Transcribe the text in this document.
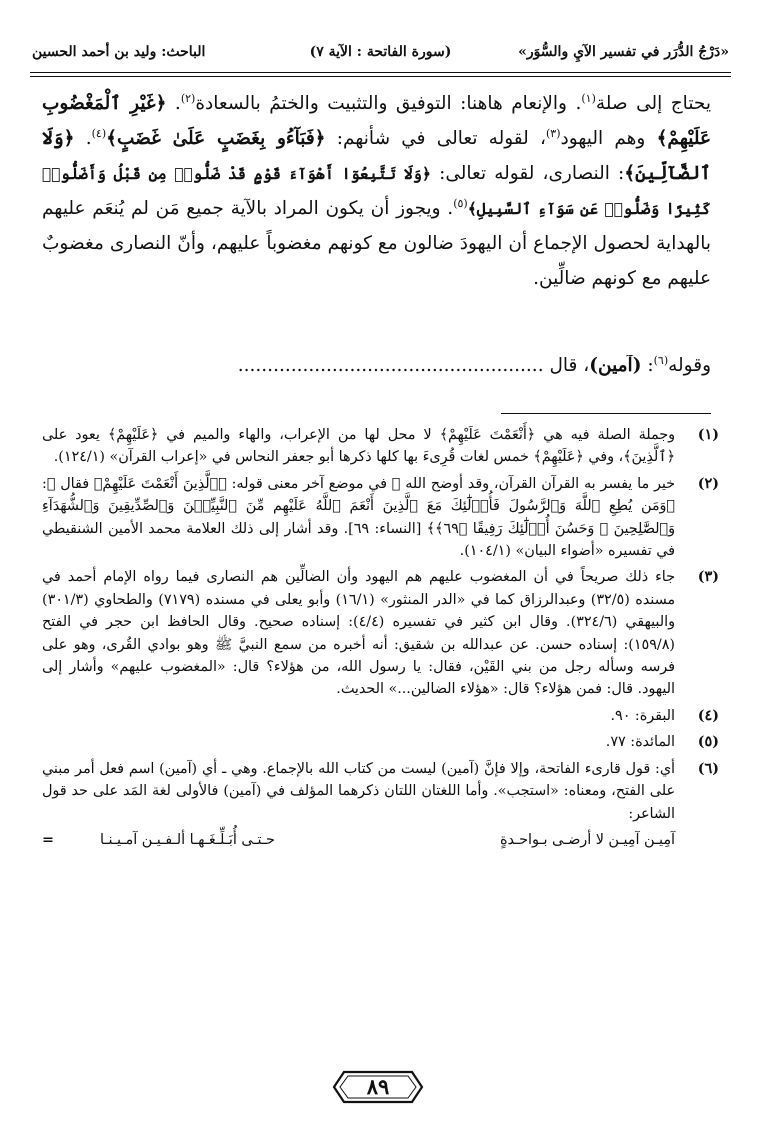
«دَرْجُ الدُّرَر في تفسير الآيِ والسُّوَر»
(سورة الفاتحة : الآية ٧)
الباحث: وليد بن أحمد الحسين

يحتاج إلى صلة$^{(١)}$. والإنعام هاهنا: التوفيق والتثبيت والختمُ بالسعادة$^{(٢)}$. ﴿غَيْرِ ٱلْمَغْضُوبِ عَلَيْهِمْ﴾ وهم اليهود$^{(٣)}$، لقوله تعالى في شأنهم: ﴿فَبَآءُو بِغَضَبٍ عَلَىٰ غَضَبٍ﴾$^{(٤)}$. ﴿وَلَا ٱلضَّآلِّينَ﴾: النصارى، لقوله تعالى: ﴿وَلَا تَتَّبِعُوٓا أَهْوَآءَ قَوْمٍ قَدْ ضَلُّوا۟ مِن قَبْلُ وَأَضَلُّوا۟ كَثِيرًا وَضَلُّوا۟ عَن سَوَآءِ ٱلسَّبِيلِ﴾$^{(٥)}$. ويجوز أن يكون المراد بالآية جميع مَن لم يُنعَم عليهم بالهداية لحصول الإجماع أن اليهودَ ضالون مع كونهم مغضوباً عليهم، وأنّ النصارى مغضوبٌ عليهم مع كونهم ضالِّين.

وقوله$^{(٦)}$: (آمين)، قال ....................................................
(١)
وجملة الصلة فيه هي ﴿أَنْعَمْتَ عَلَيْهِمْ﴾ لا محل لها من الإعراب، والهاء والميم في ﴿عَلَيْهِمْ﴾ يعود على ﴿ٱلَّذِينَ﴾، وفي ﴿عَلَيْهِمْ﴾ خمس لغات قُرِىءَ بها كلها ذكرها أبو جعفر النحاس في «إعراب القرآن» (١٢٤/١).
(٢)
خير ما يفسر به القرآن القرآن، وقد أوضح الله ﷻ في موضع آخر معنى قوله: ﴿ٱلَّذِينَ أَنْعَمْتَ عَلَيْهِمْ﴾ فقال ﷻ: ﴿وَمَن يُطِعِ ٱللَّهَ وَٱلرَّسُولَ فَأُو۟لَٰٓئِكَ مَعَ ٱلَّذِينَ أَنْعَمَ ٱللَّهُ عَلَيْهِم مِّنَ ٱلنَّبِيِّـۧنَ وَٱلصِّدِّيقِينَ وَٱلشُّهَدَآءِ وَٱلصَّٰلِحِينَ ۚ وَحَسُنَ أُو۟لَٰٓئِكَ رَفِيقًا ﴿٦٩﴾﴾ [النساء: ٦٩]. وقد أشار إلى ذلك العلامة محمد الأمين الشنقيطي في تفسيره «أضواء البيان» (١٠٤/١).
(٣)
جاء ذلك صريحاً في أن المغضوب عليهم هم اليهود وأن الضالِّين هم النصارى فيما رواه الإمام أحمد في مسنده (٣٢/٥) وعبدالرزاق كما في «الدر المنثور» (١٦/١) وأبو يعلى في مسنده (٧١٧٩) والطحاوي (٣٠١/٣) والبيهقي (٣٢٤/٦). وقال ابن كثير في تفسيره (٤/٤): إسناده صحيح. وقال الحافظ ابن حجر في الفتح (١٥٩/٨): إسناده حسن. عن عبدالله بن شقيق: أنه أخبره من سمع النبيَّ ﷺ وهو بوادي القُرى، وهو على فرسه وسأله رجل من بني القَيْن، فقال: يا رسول الله، من هؤلاء؟ قال: «المغضوب عليهم» وأشار إلى اليهود. قال: فمن هؤلاء؟ قال: «هؤلاء الضالين...» الحديث.
(٤)
البقرة: ٩٠.
(٥)
المائدة: ٧٧.
(٦)
أي: قول قارىء الفاتحة، وإلا فإنَّ (آمين) ليست من كتاب الله بالإجماع. وهي ـ أي (آمين) اسم فعل أمر مبني على الفتح، ومعناه: «استجب». وأما اللغتان اللتان ذكرهما المؤلف في (آمين) فالأولى لغة المَد على حد قول الشاعر:
آمِيـن آمِيـن لا أرضـى بـواحـدةٍ
حـتـى أُبَـلِّـغَـهـا ألـفـيـن آمـيـنـا
=
٨٩
